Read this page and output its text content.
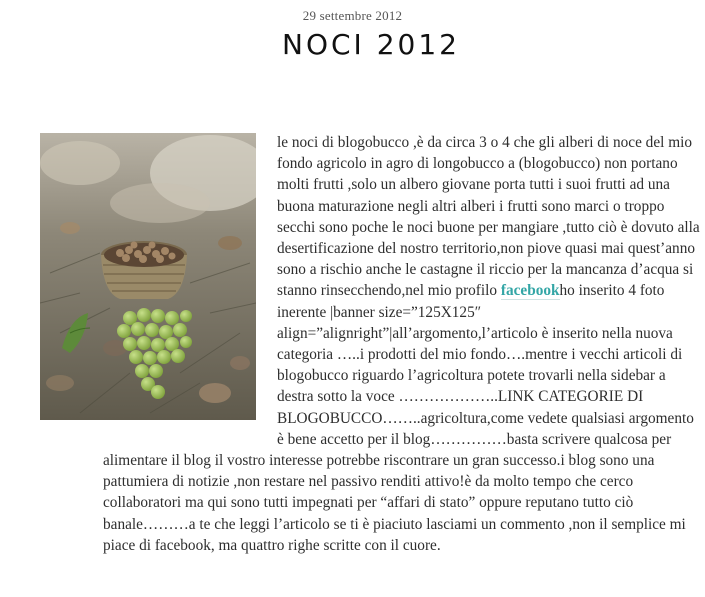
29 settembre 2012
NOCI 2012

le noci di blogobucco ,è da circa 3 o 4 che gli alberi di noce del mio fondo agricolo in agro di longobucco a (blogobucco) non portano molti frutti ,solo un albero giovane porta tutti i suoi frutti ad una buona maturazione negli altri alberi i frutti sono marci o troppo secchi sono poche le noci buone per mangiare ,tutto ciò è dovuto alla desertificazione del nostro territorio,non piove quasi mai quest’anno sono a rischio anche le castagne il riccio per la mancanza d’acqua si stanno rinsecchendo,nel mio profilo facebookho inserito 4 foto inerente |banner size=”125X125″ align=”alignright”|all’argomento,l’articolo è inserito nella nuova categoria …..i prodotti del mio fondo….mentre i vecchi articoli di blogobucco riguardo l’agricoltura potete trovarli nella sidebar a destra sotto la voce ………………..LINK CATEGORIE DI BLOGOBUCCO……..agricoltura,come vedete qualsiasi argomento è bene accetto per il blog……………basta scrivere qualcosa per alimentare il blog il vostro interesse potrebbe riscontrare un gran successo.i blog sono una pattumiera di notizie ,non restare nel passivo renditi attivo!è da molto tempo che cerco collaboratori ma qui sono tutti impegnati per “affari di stato” oppure reputano tutto ciò banale………a te che leggi l’articolo se ti è piaciuto lasciami un commento ,non il semplice mi piace di facebook, ma quattro righe scritte con il cuore.
